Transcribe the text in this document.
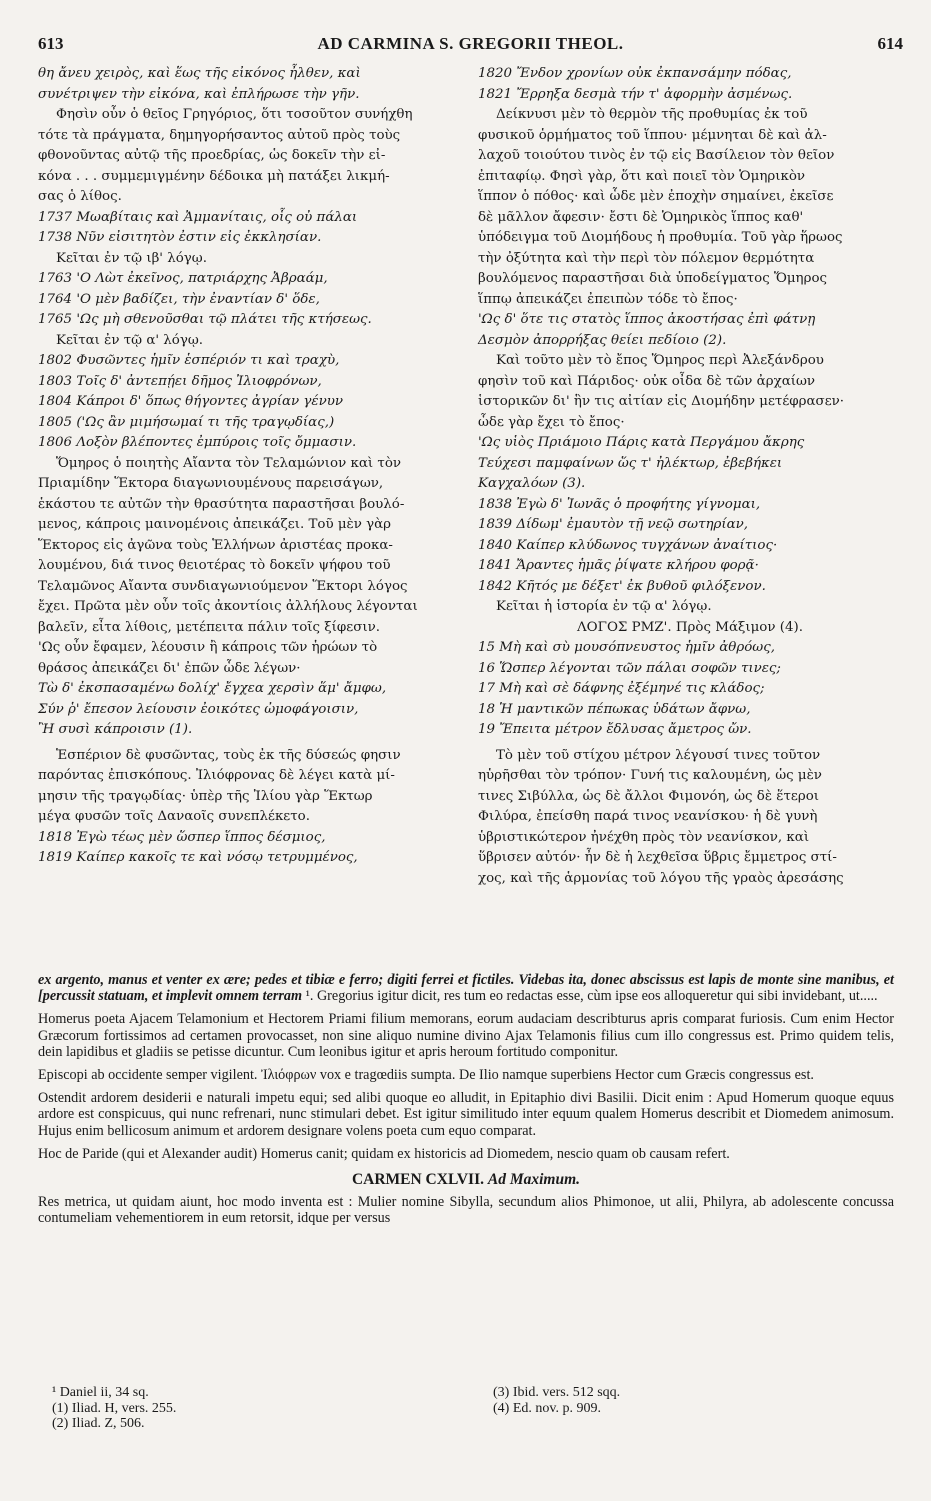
613	AD CARMINA S. GREGORII THEOL.	614

θη ἄνευ χειρὸς, καὶ ἕως τῆς εἰκόνος ἦλθεν, καὶ

συνέτριψεν τὴν εἰκόνα, καὶ ἐπλήρωσε τὴν γῆν.

Φησὶν οὖν ὁ θεῖος Γρηγόριος, ὅτι τοσοῦτον συνήχθη

τότε τὰ πράγματα, δημηγορήσαντος αὐτοῦ πρὸς τοὺς

φθονοῦντας αὐτῷ τῆς προεδρίας, ὡς δοκεῖν τὴν εἰ-

κόνα . . . συμμεμιγμένην δέδοικα μὴ πατάξει λικμή-

σας ὁ λίθος.

1737 Μωαβίταις καὶ Ἀμμανίταις, οἷς οὐ πάλαι

1738 Νῦν εἰσιτητὸν ἐστιν εἰς ἐκκλησίαν.

Κεῖται ἐν τῷ ιβ' λόγῳ.

1763 'Ο Λὼτ ἐκεῖνος, πατριάρχης Ἀβραάμ,

1764 'Ο μὲν βαδίζει, τὴν ἐναντίαν δ' ὅδε,

1765 'Ως μὴ σθενοῦσθαι τῷ πλάτει τῆς κτήσεως.

Κεῖται ἐν τῷ α' λόγῳ.

1802 Φυσῶντες ἡμῖν ἑσπέριόν τι καὶ τραχὺ,

1803 Τοῖς δ' ἀντεπῄει δῆμος Ἰλιοφρόνων,

1804 Κάπροι δ' ὅπως θήγοντες ἀγρίαν γένυν

1805 ('Ως ἂν μιμήσωμαί τι τῆς τραγῳδίας,)

1806 Λοξὸν βλέποντες ἐμπύροις τοῖς ὄμμασιν.

Ὅμηρος ὁ ποιητὴς Αἴαντα τὸν Τελαμώνιον καὶ τὸν

Πριαμίδην Ἕκτορα διαγωνιουμένους παρεισάγων,

ἑκάστου τε αὐτῶν τὴν θρασύτητα παραστῆσαι βουλό-

μενος, κάπροις μαινομένοις ἀπεικάζει. Τοῦ μὲν γὰρ

Ἕκτορος εἰς ἀγῶνα τοὺς Ἑλλήνων ἀριστέας προκα-

λουμένου, διά τινος θειοτέρας τὸ δοκεῖν ψήφου τοῦ

Τελαμῶνος Αἴαντα συνδιαγωνιούμενον Ἕκτορι λόγος

ἔχει. Πρῶτα μὲν οὖν τοῖς ἀκοντίοις ἀλλήλους λέγονται

βαλεῖν, εἶτα λίθοις, μετέπειτα πάλιν τοῖς ξίφεσιν.

'Ως οὖν ἔφαμεν, λέουσιν ἢ κάπροις τῶν ἡρώων τὸ

θράσος ἀπεικάζει δι' ἐπῶν ὧδε λέγων·

Τὼ δ' ἐκσπασαμένω δολίχ' ἔγχεα χερσὶν ἅμ' ἄμφω,

Σύν ῥ' ἔπεσον λείουσιν ἐοικότες ὠμοφάγοισιν,

Ἢ συσὶ κάπροισιν (1).

Ἑσπέριον δὲ φυσῶντας, τοὺς ἐκ τῆς δύσεώς φησιν

παρόντας ἐπισκόπους. Ἰλιόφρονας δὲ λέγει κατὰ μί-

μησιν τῆς τραγῳδίας· ὑπὲρ τῆς Ἰλίου γὰρ Ἕκτωρ

μέγα φυσῶν τοῖς Δαναοῖς συνεπλέκετο.

1818 Ἐγὼ τέως μὲν ὥσπερ ἵππος δέσμιος,

1819 Καίπερ κακοῖς τε καὶ νόσῳ τετρυμμένος,

1820 Ἔνδον χρονίων οὐκ ἐκπανσάμην πόδας,

1821 Ἔρρηξα δεσμὰ τήν τ' ἀφορμὴν ἀσμένως.

Δείκνυσι μὲν τὸ θερμὸν τῆς προθυμίας ἐκ τοῦ

φυσικοῦ ὁρμήματος τοῦ ἵππου· μέμνηται δὲ καὶ ἀλ-

λαχοῦ τοιούτου τινὸς ἐν τῷ εἰς Βασίλειον τὸν θεῖον

ἐπιταφίῳ. Φησὶ γὰρ, ὅτι καὶ ποιεῖ τὸν Ὁμηρικὸν

ἵππον ὁ πόθος· καὶ ὧδε μὲν ἐποχὴν σημαίνει, ἐκεῖσε

δὲ μᾶλλον ἄφεσιν· ἔστι δὲ Ὁμηρικὸς ἵππος καθ'

ὑπόδειγμα τοῦ Διομήδους ἡ προθυμία. Τοῦ γὰρ ἥρωος

τὴν ὀξύτητα καὶ τὴν περὶ τὸν πόλεμον θερμότητα

βουλόμενος παραστῆσαι διὰ ὑποδείγματος Ὅμηρος

ἵππῳ ἀπεικάζει ἐπειπὼν τόδε τὸ ἔπος·

'Ως δ' ὅτε τις στατὸς ἵππος ἀκοστήσας ἐπὶ φάτνῃ

Δεσμὸν ἀπορρήξας θείει πεδίοιο (2).

Καὶ τοῦτο μὲν τὸ ἔπος Ὅμηρος περὶ Ἀλεξάνδρου

φησὶν τοῦ καὶ Πάριδος· οὐκ οἶδα δὲ τῶν ἀρχαίων

ἱστορικῶν δι' ἣν τις αἰτίαν εἰς Διομήδην μετέφρασεν·

ὧδε γὰρ ἔχει τὸ ἔπος·

'Ως υἱὸς Πριάμοιο Πάρις κατὰ Περγάμου ἄκρης

Τεύχεσι παμφαίνων ὥς τ' ἠλέκτωρ, ἐβεβήκει

Καγχαλόων (3).

1838 Ἐγὼ δ' Ἰωνᾶς ὁ προφήτης γίγνομαι,

1839 Δίδωμ' ἐμαυτὸν τῇ νεῷ σωτηρίαν,

1840 Καίπερ κλύδωνος τυγχάνων ἀναίτιος·

1841 Ἄραντες ἡμᾶς ῥίψατε κλήρου φορᾷ·

1842 Κῆτός με δέξετ' ἐκ βυθοῦ φιλόξενον.

Κεῖται ἡ ἱστορία ἐν τῷ α' λόγῳ.

ΛΟΓΟΣ ΡΜΖ'. Πρὸς Μάξιμον (4).

15 Μὴ καὶ σὺ μουσόπνευστος ἡμῖν ἀθρόως,

16 Ὥσπερ λέγονται τῶν πάλαι σοφῶν τινες;

17 Μὴ καὶ σὲ δάφνης ἐξέμηνέ τις κλάδος;

18 Ἡ μαντικῶν πέπωκας ὑδάτων ἄφνω,

19 Ἔπειτα μέτρον ἔδλυσας ἄμετρος ὤν.

Τὸ μὲν τοῦ στίχου μέτρον λέγουσί τινες τοῦτον

ηὑρῆσθαι τὸν τρόπον· Γυνή τις καλουμένη, ὡς μὲν

τινες Σιβύλλα, ὡς δὲ ἄλλοι Φιμονόη, ὡς δὲ ἕτεροι

Φιλύρα, ἐπείσθη παρά τινος νεανίσκου· ἡ δὲ γυνὴ

ὑβριστικώτερον ἠνέχθη πρὸς τὸν νεανίσκον, καὶ

ὕβρισεν αὐτόν· ἦν δὲ ἡ λεχθεῖσα ὕβρις ἔμμετρος στί-

χος, καὶ τῆς ἁρμονίας τοῦ λόγου τῆς γραὸς ἀρεσάσης

ex argento, manus et venter ex ære; pedes et tibiæ e ferro; digiti ferrei et fictiles. Videbas ita, donec abscissus est lapis de monte sine manibus, et [percussit statuam, et implevit omnem terram ¹. Gregorius igitur dicit, res tum eo redactas esse, cùm ipse eos alloqueretur qui sibi invidebant, ut.....

Homerus poeta Ajacem Telamonium et Hectorem Priami filium memorans, eorum audaciam describturus apris comparat furiosis. Cum enim Hector Græcorum fortissimos ad certamen provocasset, non sine aliquo numine divino Ajax Telamonis filius cum illo congressus est. Primo quidem telis, dein lapidibus et gladiis se petisse dicuntur. Cum leonibus igitur et apris heroum fortitudo componitur.

Episcopi ab occidente semper vigilent. Ἰλιόφρων vox e tragœdiis sumpta. De Ilio namque superbiens Hector cum Græcis congressus est.

Ostendit ardorem desiderii e naturali impetu equi; sed alibi quoque eo alludit, in Epitaphio divi Basilii. Dicit enim : Apud Homerum quoque equus ardore est conspicuus, qui nunc refrenari, nunc stimulari debet. Est igitur similitudo inter equum qualem Homerus describit et Diomedem animosum. Hujus enim bellicosum animum et ardorem designare volens poeta cum equo comparat.

Hoc de Paride (qui et Alexander audit) Homerus canit; quidam ex historicis ad Diomedem, nescio quam ob causam refert.

CARMEN CXLVII. Ad Maximum.

Res metrica, ut quidam aiunt, hoc modo inventa est : Mulier nomine Sibylla, secundum alios Phimonoe, ut alii, Philyra, ab adolescente concussa contumeliam vehementiorem in eum retorsit, idque per versus

¹ Daniel ii, 34 sq.
(1) Iliad. H, vers. 255.
(2) Iliad. Z, 506.
(3) Ibid. vers. 512 sqq.
(4) Ed. nov. p. 909.
